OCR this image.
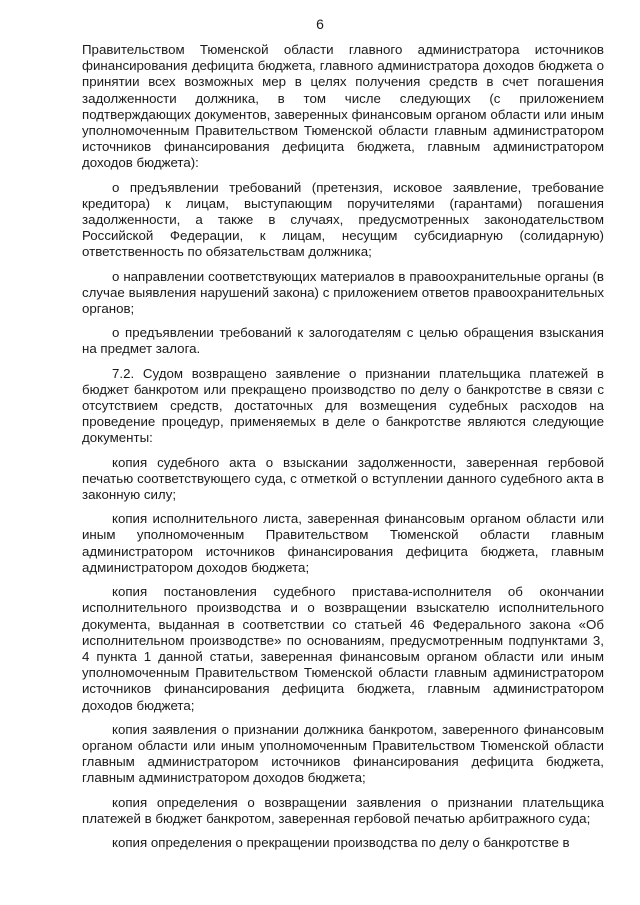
6

Правительством Тюменской области главного администратора источников финансирования дефицита бюджета, главного администратора доходов бюджета о принятии всех возможных мер в целях получения средств в счет погашения задолженности должника, в том числе следующих (с приложением подтверждающих документов, заверенных финансовым органом области или иным уполномоченным Правительством Тюменской области главным администратором источников финансирования дефицита бюджета, главным администратором доходов бюджета):

о предъявлении требований (претензия, исковое заявление, требование кредитора) к лицам, выступающим поручителями (гарантами) погашения задолженности, а также в случаях, предусмотренных законодательством Российской Федерации, к лицам, несущим субсидиарную (солидарную) ответственность по обязательствам должника;

о направлении соответствующих материалов в правоохранительные органы (в случае выявления нарушений закона) с приложением ответов правоохранительных органов;

о предъявлении требований к залогодателям с целью обращения взыскания на предмет залога.

7.2. Судом возвращено заявление о признании плательщика платежей в бюджет банкротом или прекращено производство по делу о банкротстве в связи с отсутствием средств, достаточных для возмещения судебных расходов на проведение процедур, применяемых в деле о банкротстве являются следующие документы:

копия судебного акта о взыскании задолженности, заверенная гербовой печатью соответствующего суда, с отметкой о вступлении данного судебного акта в законную силу;

копия исполнительного листа, заверенная финансовым органом области или иным уполномоченным Правительством Тюменской области главным администратором источников финансирования дефицита бюджета, главным администратором доходов бюджета;

копия постановления судебного пристава-исполнителя об окончании исполнительного производства и о возвращении взыскателю исполнительного документа, выданная в соответствии со статьей 46 Федерального закона «Об исполнительном производстве» по основаниям, предусмотренным подпунктами 3, 4 пункта 1 данной статьи, заверенная финансовым органом области или иным уполномоченным Правительством Тюменской области главным администратором источников финансирования дефицита бюджета, главным администратором доходов бюджета;

копия заявления о признании должника банкротом, заверенного финансовым органом области или иным уполномоченным Правительством Тюменской области главным администратором источников финансирования дефицита бюджета, главным администратором доходов бюджета;

копия определения о возвращении заявления о признании плательщика платежей в бюджет банкротом, заверенная гербовой печатью арбитражного суда;

копия определения о прекращении производства по делу о банкротстве в
